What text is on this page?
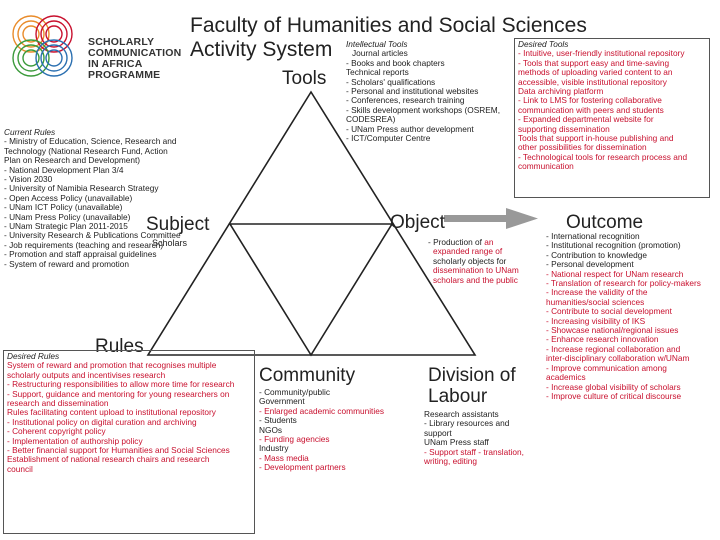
SCHOLARLY
COMMUNICATION
IN AFRICA
PROGRAMME
Faculty of Humanities and Social Sciences
Activity System
Tools
Subject
Scholars
Object	Outcome
Rules
Community	Division of
Labour
Intellectual Tools
Journal articles
- Books and book chapters
Technical reports
- Scholars' qualifications
- Personal and institutional websites
- Conferences, research training
- Skills development workshops (OSREM,
CODESREA)
- UNam Press author development
- ICT/Computer Centre
Desired Tools
- Intuitive, user-friendly institutional repository
- Tools that support easy and time-saving
methods of uploading varied content to an
accessible, visible institutional repository
Data archiving platform
- Link to LMS for fostering collaborative
communication with peers and students
- Expanded departmental website for
supporting dissemination
Tools that support in-house publishing and
other possibilities for dissemination
- Technological tools for research process and
communication
Current Rules
- Ministry of Education, Science, Research and
Technology (National Research Fund, Action
Plan on Research and Development)
- National Development Plan 3/4
- Vision 2030
- University of Namibia Research Strategy
- Open Access Policy (unavailable)
- UNam ICT Policy (unavailable)
- UNam Press Policy (unavailable)
- UNam Strategic Plan 2011-2015
- University Research & Publications Committee
- Job requirements (teaching and research)
- Promotion and staff appraisal guidelines
- System of reward and promotion
- Production of an
expanded range of
scholarly objects for
dissemination to UNam
scholars and the public
- International recognition
- Institutional recognition (promotion)
- Contribution to knowledge
- Personal development
- National respect for UNam research
- Translation of research for policy-makers
- Increase the validity of the
humanities/social sciences
- Contribute to social development
- Increasing visibility of IKS
- Showcase national/regional issues
- Enhance research innovation
- Increase regional collaboration and
inter-disciplinary collaboration w/UNam
- Improve communication among
academics
- Increase global visibility of scholars
- Improve culture of critical discourse
Desired Rules
System of reward and promotion that recognises multiple
scholarly outputs and incentivises research
- Restructuring responsibilities to allow more time for research
- Support, guidance and mentoring for young researchers on
research and dissemination
Rules facilitating content upload to institutional repository
- Institutional policy on digital curation and archiving
- Coherent copyright policy
- Implementation of authorship policy
- Better financial support for Humanities and Social Sciences
Establishment of national research chairs and research
council
- Community/public
Government
- Enlarged academic communities
- Students
NGOs
- Funding agencies
Industry
- Mass media
- Development partners
Research assistants
- Library resources and
support
UNam Press staff
- Support staff - translation,
writing, editing
